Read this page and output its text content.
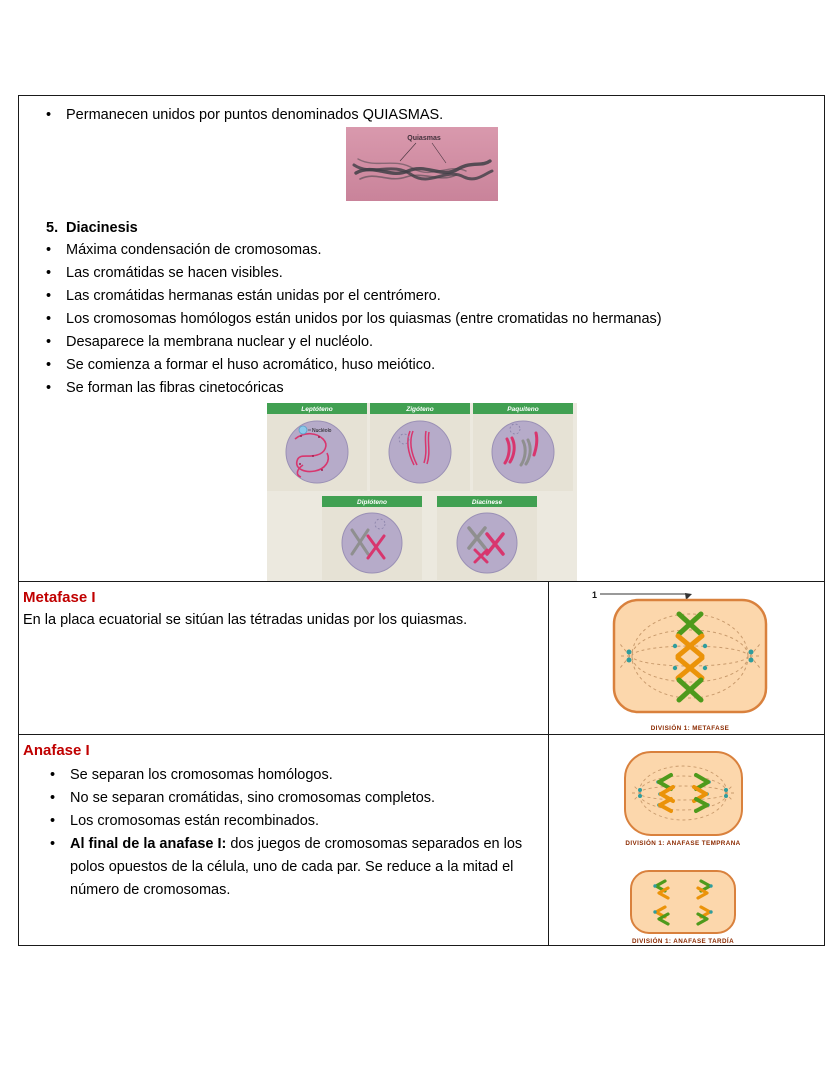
•	Permanecen unidos por puntos denominados QUIASMAS.
Quiasmas
5. Diacinesis
•	Máxima condensación de cromosomas.
•	Las cromátidas se hacen visibles.
•	Las cromátidas hermanas están unidas por el centrómero.
•	Los cromosomas homólogos están unidos por los quiasmas (entre cromatidas no hermanas)
•	Desaparece la membrana nuclear y el nucléolo.
•	Se comienza a formar el huso acromático, huso meiótico.
•	Se forman las fibras cinetocóricas
Leptóteno
Nucléolo
Zigóteno	Paquiteno
Diplóteno	Diacinese
Metafase I
En la placa ecuatorial se sitúan las tétradas unidas por los quiasmas.
1
DIVISIÓN 1: METAFASE
Anafase I
•	Se separan los cromosomas homólogos.
•	No se separan cromátidas, sino cromosomas completos.
•	Los cromosomas están recombinados.
•	Al final de la anafase I: dos juegos de cromosomas separados en los polos opuestos de la célula, uno de cada par. Se reduce a la mitad el número de cromosomas.
DIVISIÓN 1: ANAFASE TEMPRANA
DIVISIÓN 1: ANAFASE TARDÍA
